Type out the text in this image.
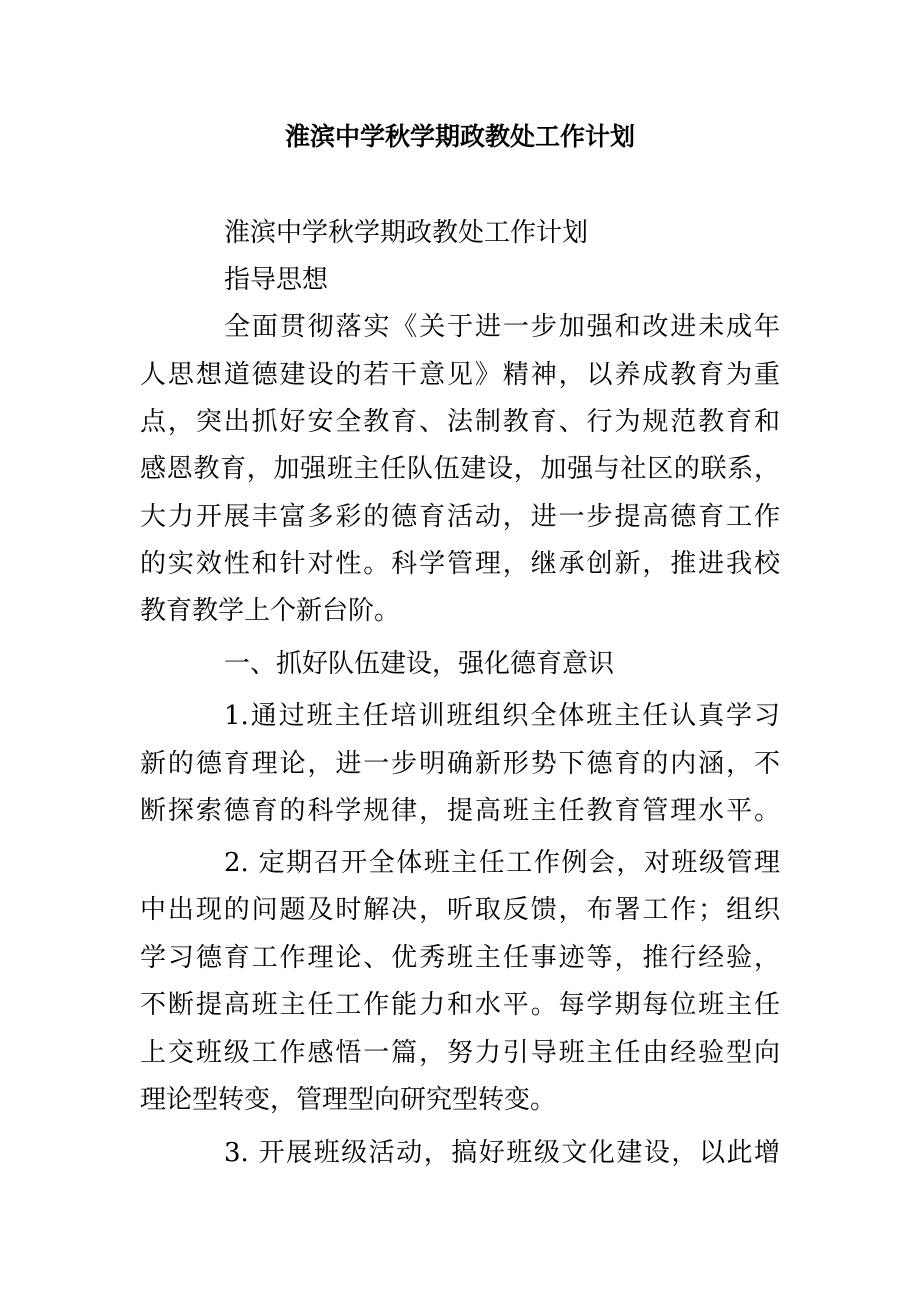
淮滨中学秋学期政教处工作计划
淮滨中学秋学期政教处工作计划
指导思想
全面贯彻落实《关于进一步加强和改进未成年
人思想道德建设的若干意见》精神，以养成教育为重
点，突出抓好安全教育、法制教育、行为规范教育和
感恩教育，加强班主任队伍建设，加强与社区的联系，
大力开展丰富多彩的德育活动，进一步提高德育工作
的实效性和针对性。科学管理，继承创新，推进我校
教育教学上个新台阶。
一、抓好队伍建设，强化德育意识
1.通过班主任培训班组织全体班主任认真学习
新的德育理论，进一步明确新形势下德育的内涵，不
断探索德育的科学规律，提高班主任教育管理水平。
2. 定期召开全体班主任工作例会，对班级管理
中出现的问题及时解决，听取反馈，布署工作；组织
学习德育工作理论、优秀班主任事迹等，推行经验，
不断提高班主任工作能力和水平。每学期每位班主任
上交班级工作感悟一篇，努力引导班主任由经验型向
理论型转变，管理型向研究型转变。
3. 开展班级活动，搞好班级文化建设，以此增
